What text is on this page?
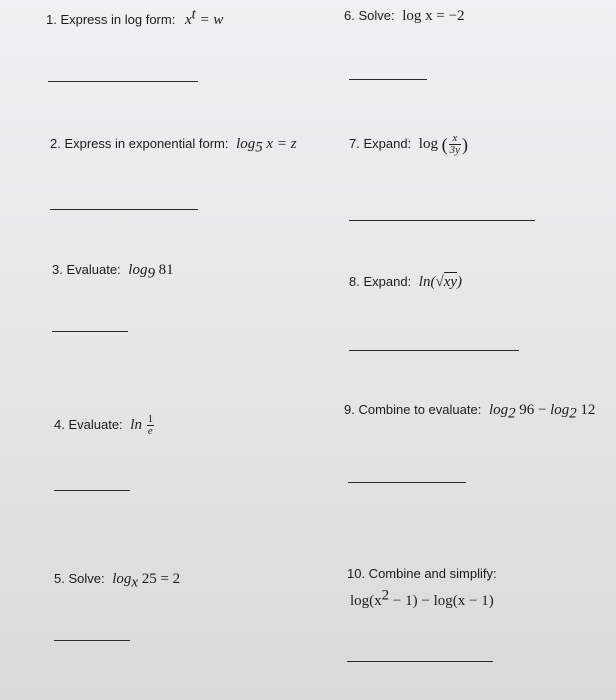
1. Express in log form: $x^t = w$
2. Express in exponential form: $\log_5 x = z$
3. Evaluate: $\log_9 81$
4. Evaluate: $\ln \frac{1}{e}$
5. Solve: $\log_x 25 = 2$
6. Solve: log x = −2
7. Expand: log ( $\frac{x}{3y}$ )
8. Expand: ln(√xy)
9. Combine to evaluate: $\log_2 96 - \log_2 12$
10. Combine and simplify:
$\log(x^2 - 1) - \log(x - 1)$
